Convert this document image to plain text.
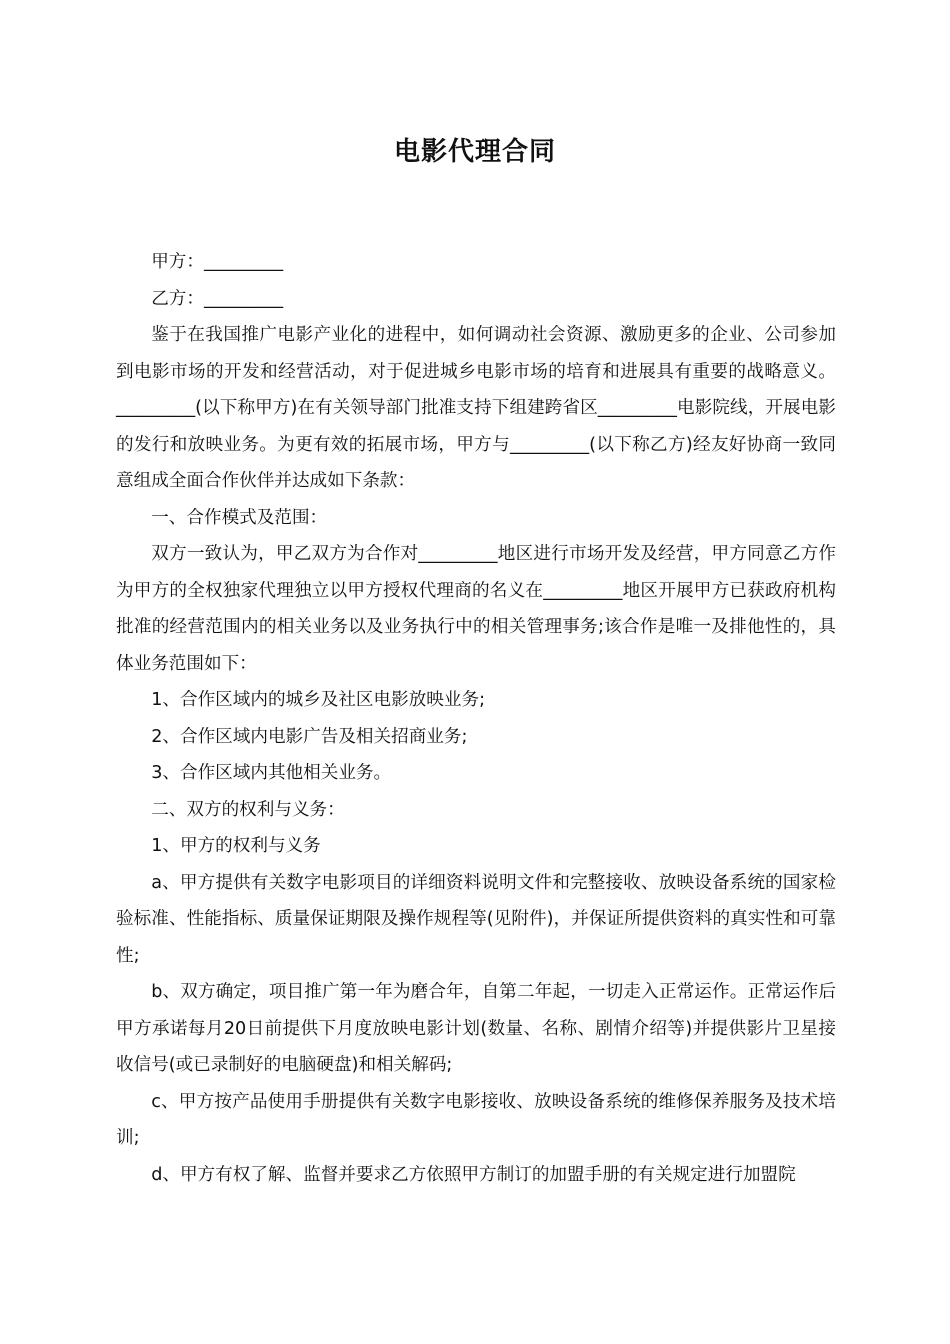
电影代理合同

甲方：_________

乙方：_________

鉴于在我国推广电影产业化的进程中，如何调动社会资源、激励更多的企业、公司参加到电影市场的开发和经营活动，对于促进城乡电影市场的培育和进展具有重要的战略意义。_________(以下称甲方)在有关领导部门批准支持下组建跨省区_________电影院线，开展电影的发行和放映业务。为更有效的拓展市场，甲方与_________(以下称乙方)经友好协商一致同意组成全面合作伙伴并达成如下条款：

一、合作模式及范围：

双方一致认为，甲乙双方为合作对_________地区进行市场开发及经营，甲方同意乙方作为甲方的全权独家代理独立以甲方授权代理商的名义在_________地区开展甲方已获政府机构批准的经营范围内的相关业务以及业务执行中的相关管理事务;该合作是唯一及排他性的，具体业务范围如下：

1、合作区域内的城乡及社区电影放映业务;

2、合作区域内电影广告及相关招商业务;

3、合作区域内其他相关业务。

二、双方的权利与义务：

1、甲方的权利与义务

a、甲方提供有关数字电影项目的详细资料说明文件和完整接收、放映设备系统的国家检验标准、性能指标、质量保证期限及操作规程等(见附件)，并保证所提供资料的真实性和可靠性;

b、双方确定，项目推广第一年为磨合年，自第二年起，一切走入正常运作。正常运作后甲方承诺每月20日前提供下月度放映电影计划(数量、名称、剧情介绍等)并提供影片卫星接收信号(或已录制好的电脑硬盘)和相关解码;

c、甲方按产品使用手册提供有关数字电影接收、放映设备系统的维修保养服务及技术培训;

d、甲方有权了解、监督并要求乙方依照甲方制订的加盟手册的有关规定进行加盟院
